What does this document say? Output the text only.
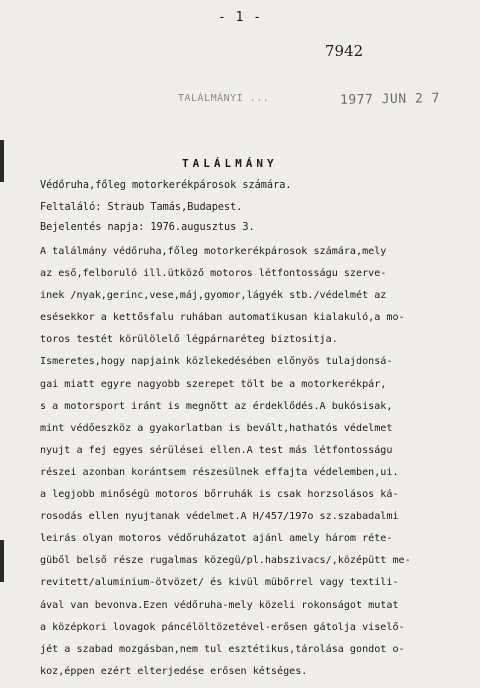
- 1 -
7942
TALÁLMÁNYI ...	1977 JUN 2 7
TALÁLMÁNY
Védőruha,főleg motorkerékpárosok számára.
Feltaláló: Straub Tamás,Budapest.
Bejelentés napja: 1976.augusztus 3.
A találmány védőruha,főleg motorkerékpárosok számára,mely
az eső,felboruló ill.ütköző motoros létfontosságu szerve-
inek /nyak,gerinc,vese,máj,gyomor,lágyék stb./védelmét az
esésekkor a kettősfalu ruhában automatikusan kialakuló,a mo-
toros testét körülölelő légpárnaréteg biztositja.
Ismeretes,hogy napjaink közlekedésében előnyös tulajdonsá-
gai miatt egyre nagyobb szerepet tölt be a motorkerékpár,
s a motorsport iránt is megnőtt az érdeklődés.A bukósisak,
mint védőeszköz a gyakorlatban is bevált,hathatós védelmet
nyujt a fej egyes sérülései ellen.A test más létfontosságu
részei azonban korántsem részesülnek effajta védelemben,ui.
a legjobb minőségü motoros bőrruhák is csak horzsolásos ká-
rosodás ellen nyujtanak védelmet.A H/457/197o sz.szabadalmi
leirás olyan motoros védőruházatot ajánl amely három réte-
güből belső része rugalmas közegü/pl.habszivacs/,középütt me-
revitett/aluminium-ötvözet/ és kivül mübőrrel vagy textili-
ával van bevonva.Ezen védőruha-mely közeli rokonságot mutat
a középkori lovagok páncélöltözetével-erősen gátolja viselő-
jét a szabad mozgásban,nem tul esztétikus,tárolása gondot o-
koz,éppen ezért elterjedése erősen kétséges.
